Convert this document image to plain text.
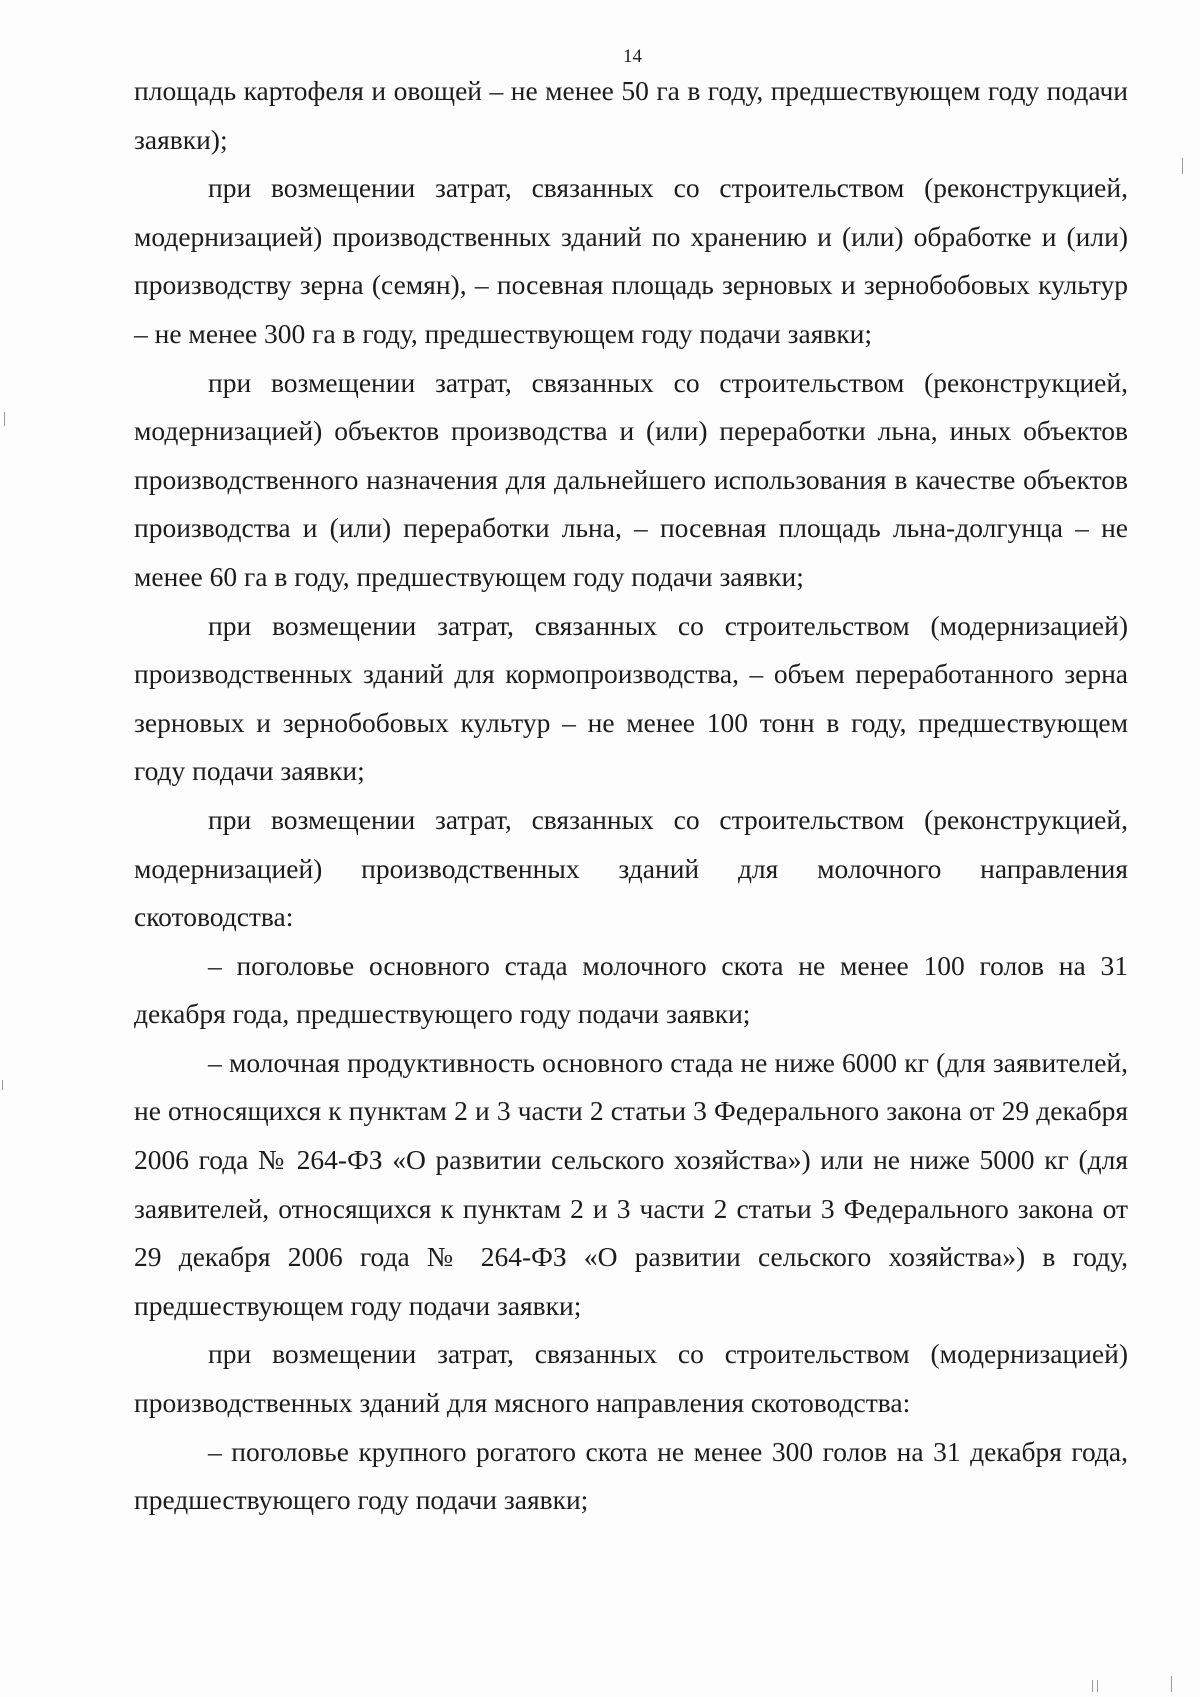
14

площадь картофеля и овощей – не менее 50 га в году, предшествующем году подачи заявки);

при возмещении затрат, связанных со строительством (реконструкцией, модернизацией) производственных зданий по хранению и (или) обработке и (или) производству зерна (семян), – посевная площадь зерновых и зернобобовых культур – не менее 300 га в году, предшествующем году подачи заявки;

при возмещении затрат, связанных со строительством (реконструкцией, модернизацией) объектов производства и (или) переработки льна, иных объектов производственного назначения для дальнейшего использования в качестве объектов производства и (или) переработки льна, – посевная площадь льна-долгунца – не менее 60 га в году, предшествующем году подачи заявки;

при возмещении затрат, связанных со строительством (модернизацией) производственных зданий для кормопроизводства, – объем переработанного зерна зерновых и зернобобовых культур – не менее 100 тонн в году, предшествующем году подачи заявки;

при возмещении затрат, связанных со строительством (реконструкцией, модернизацией) производственных зданий для молочного направления скотоводства:

– поголовье основного стада молочного скота не менее 100 голов на 31 декабря года, предшествующего году подачи заявки;

– молочная продуктивность основного стада не ниже 6000 кг (для заявителей, не относящихся к пунктам 2 и 3 части 2 статьи 3 Федерального закона от 29 декабря 2006 года № 264-ФЗ «О развитии сельского хозяйства») или не ниже 5000 кг (для заявителей, относящихся к пунктам 2 и 3 части 2 статьи 3 Федерального закона от 29 декабря 2006 года № 264-ФЗ «О развитии сельского хозяйства») в году, предшествующем году подачи заявки;

при возмещении затрат, связанных со строительством (модернизацией) производственных зданий для мясного направления скотоводства:

– поголовье крупного рогатого скота не менее 300 голов на 31 декабря года, предшествующего году подачи заявки;
